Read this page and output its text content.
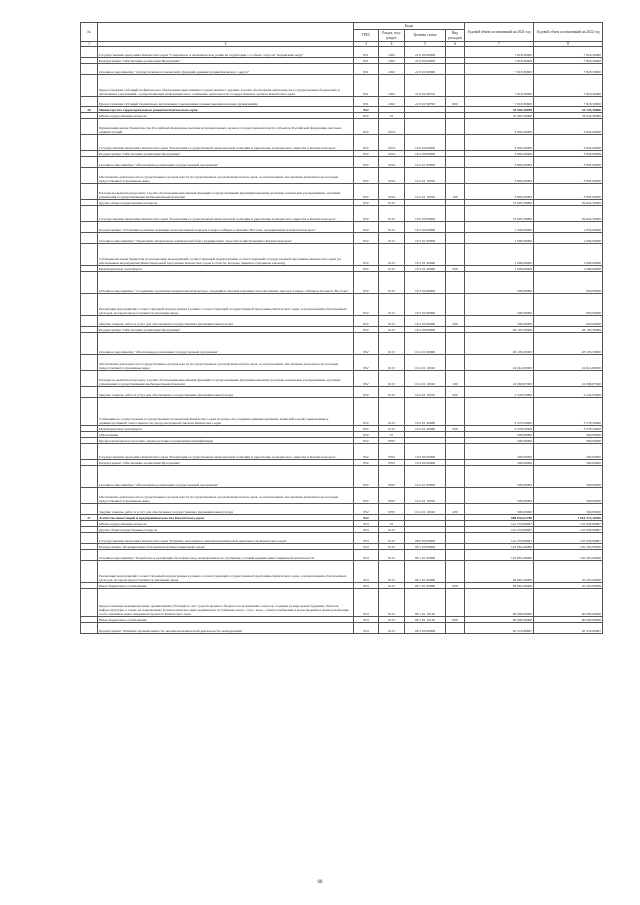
№		Коды				Годовой объем ассигнований на 2021 год	Годовой объем ассигнований на 2022 год
		ГРБС	Раздел, под-раздел	Целевая статья	Вид расходов		
1	2	3	4	5	6	7	8
	Государственная программа Камчатского края "Социальное и экономическое развитие территории с особым статусом "Корякский округ"	851	1202	22 0 00 00000		7 818,30000	7 818,30000
	Подпрограмма "Обеспечение реализации Программы"	851	1202	22 9 00 00000		7 818,30000	7 818,30000
	Основное мероприятие "Осуществление полномочий и функций администрации Корякского округа"	851	1202	22 9 02 00000		7 818,30000	7 818,30000
	Предоставление субсидий на финансовое обеспечение выполнения государственного задания, в целях обеспечения деятельности государственных бюджетных и автономных учреждений, осуществляющих информационное освещение деятельности государственных органов Камчатского края	851	1202	22 9 02 98702		7 818,30000	7 818,30000
	Предоставление субсидий бюджетным, автономным учреждениям и иным некоммерческим организациям	851	1202	22 9 02 98702	600	7 818,30000	7 818,30000
36	Министерство территориального развития Камчатского края	852				35 995,30000	34 145,30000
	Общегосударственные вопросы	852	01			35 495,30000	33 645,30000
	Функционирование Правительства Российской Федерации, высших исполнительных органов государственной власти субъектов Российской Федерации, местных администраций	852	0104			3 802,00000	3 802,00000
	Государственная программа Камчатского края "Реализация государственной национальной политики и укрепление гражданского единства в Камчатском крае"	852	0104	19 0 00 00000		3 802,00000	3 802,00000
	Подпрограмма "Обеспечение реализации Программы"	852	0104	19 4 00 00000		3 802,00000	3 802,00000
	Основное мероприятие "Обеспечение реализации государственной программы"	852	0104	19 4 01 00000		3 802,00000	3 802,00000
	Обеспечение деятельности государственных органов власти (государственных органов) Камчатского края, за исключением обеспечения деятельности, которым предоставляются указанные виды	852	0104	19 4 01 10010		3 802,00000	3 802,00000
	Расходы на выплаты персоналу в целях обеспечения выполнения функций государственными (муниципальными) органами, казенными учреждениями, органами управления государственными внебюджетными фондами	852	0104	19 4 01 10010	100	3 802,00000	3 802,00000
	Другие общегосударственные вопросы	852	0113			31 693,30000	29 843,30000
	Государственная программа Камчатского края "Реализация государственной национальной политики и укрепление гражданского единства в Камчатском крае"	852	0113	19 0 00 00000		31 693,30000	29 843,30000
	Подпрограмма "Устойчивое развитие коренных малочисленных народов Севера, Сибири и Дальнего Востока, проживающих в Камчатском крае"	852	0113	19 3 00 00000		1 500,00000	1 650,00000
	Основное мероприятие "Укрепление материально-технической базы традиционных отраслей хозяйствования в Камчатском крае"	852	0113	19 3 01 00000		1 000,00000	1 000,00000
	Субсидии местным бюджетам на реализацию мероприятий соответствующей подпрограммы соответствующей государственной программы Камчатского края (за исключением мероприятий Инвестиционной программы Камчатского края в области, которые приняты отдельным законом)	852	0113	19 3 01 40060		1 000,00000	1 000,00000
	Межбюджетные трансферты	852	0113	19 3 01 40060	500	1 000,00000	1 000,00000
	Основное мероприятие "Сохранение и развитие национальной культуры, традиций и обычаев коренных малочисленных народов Севера, Сибири и Дальнего Востока"	852	0113	19 3 04 00000		500,00000	650,00000
	Реализация мероприятий соответствующей подпрограммы в рамках соответствующей государственной программы Камчатского края, за исключением обеспеченных расходов, которым предоставляются указанные виды	852	0113	19 3 04 00990		500,00000	650,00000
	Закупка товаров, работ и услуг для обеспечения государственных (муниципальных) нужд	852	0113	19 3 04 00990	200	500,00000	650,00000
	Подпрограмма "Обеспечение реализации Программы"	852	0113	19 4 00 00000		28 193,30000	28 193,30000
	Основное мероприятие "Обеспечение реализации государственной программы"	852	0113	19 4 01 00000		28 193,30000	28 193,30000
	Обеспечение деятельности государственных органов власти (государственных органов) Камчатского края, за исключением обеспечения деятельности, которым предоставляются указанные виды	852	0113	19 4 01 10010		24 614,80000	24 614,80000
	Расходы на выплаты персоналу в целях обеспечения выполнения функций государственными (муниципальными) органами, казенными учреждениями, органами управления государственными внебюджетными фондами	852	0113	19 4 01 10010	100	22 068,87000	22 068,87000
	Закупка товаров, работ и услуг для обеспечения государственных (муниципальных) нужд	852	0113	19 4 01 10010	200	2 545,93000	2 545,93000
	Субвенции на осуществление государственных полномочий Камчатского края по вопросам создания административных комиссий в целях привлечения к административной ответственности, предусмотренной законом Камчатского края	852	0113	19 4 01 40080		3 578,50000	3 578,50000
	Межбюджетные трансферты	852	0113	19 4 01 40080	500	3 578,50000	3 578,50000
	Образование	852	07			500,00000	500,00000
	Профессиональная подготовка, переподготовка и повышение квалификации	852	0705			500,00000	500,00000
	Государственная программа Камчатского края "Реализация государственной национальной политики и укрепление гражданского единства в Камчатском крае"	852	0705	19 0 00 00000		500,00000	500,00000
	Подпрограмма "Обеспечение реализации Программы"	852	0705	19 4 00 00000		500,00000	500,00000
	Основное мероприятие "Обеспечение реализации государственной программы"	852	0705	19 4 01 00000		500,00000	500,00000
	Обеспечение деятельности государственных органов власти (государственных органов) Камчатского края, за исключением обеспечения деятельности, которым предоставляются указанные виды	852	0705	19 4 01 10010		500,00000	500,00000
	Закупка товаров, работ и услуг для обеспечения государственных (муниципальных) нужд	852	0705	19 4 01 10010	200	500,00000	500,00000
37	Агентство инвестиций и предпринимательства Камчатского края	854				688 842,62700	1 054 373,18200
	Общегосударственные вопросы	854	01			141 255,89697	125 659,89697
	Другие общегосударственные вопросы	854	0113			141 255,89697	125 659,89697
	Государственная программа Камчатского края "Развитие экономики и внешнеэкономической деятельности Камчатского края"	854	0113	08 0 00 00000		141 255,89697	125 659,89697
	Подпрограмма "Формирование благоприятной инвестиционной среды"	854	0113	08 1 00 00000		122 881,00000	105 295,00000
	Основное мероприятие "Разработка и реализация системных мер, направленных на улучшение условий ведения инвестиционной деятельности"	854	0113	08 1 01 00000		122 881,00000	105 295,00000
	Реализация мероприятий соответствующей подпрограммы в рамках соответствующей государственной программы Камчатского края, за исключением обеспеченных расходов, которым предоставляются указанные виды	854	0113	08 1 01 00990		62 881,00000	45 295,00000
	Иные бюджетные ассигнования	854	0113	08 1 01 00990	800	62 881,00000	45 295,00000
	Предоставление некоммерческим организациям субсидий за счет средств краевого бюджета на возмещение затрат на создание (в виде реконструкции) объектов инфраструктуры, а также на подключение (технологическое присоединение) к источникам тепло-, газо-, водо-, электроснабжения и водоотведения в целях реализации особо значимых инвестиционных проектов Камчатского края	854	0113	08 1 01 10120		60 000,00000	60 000,00000
	Иные бюджетные ассигнования	854	0113	08 1 01 10120	800	60 000,00000	60 000,00000
	Подпрограмма "Развитие промышленности, внешнеэкономической деятельности, конкуренции"	854	0113	08 3 00 00000		20 374,89697	20 374,89697
68
